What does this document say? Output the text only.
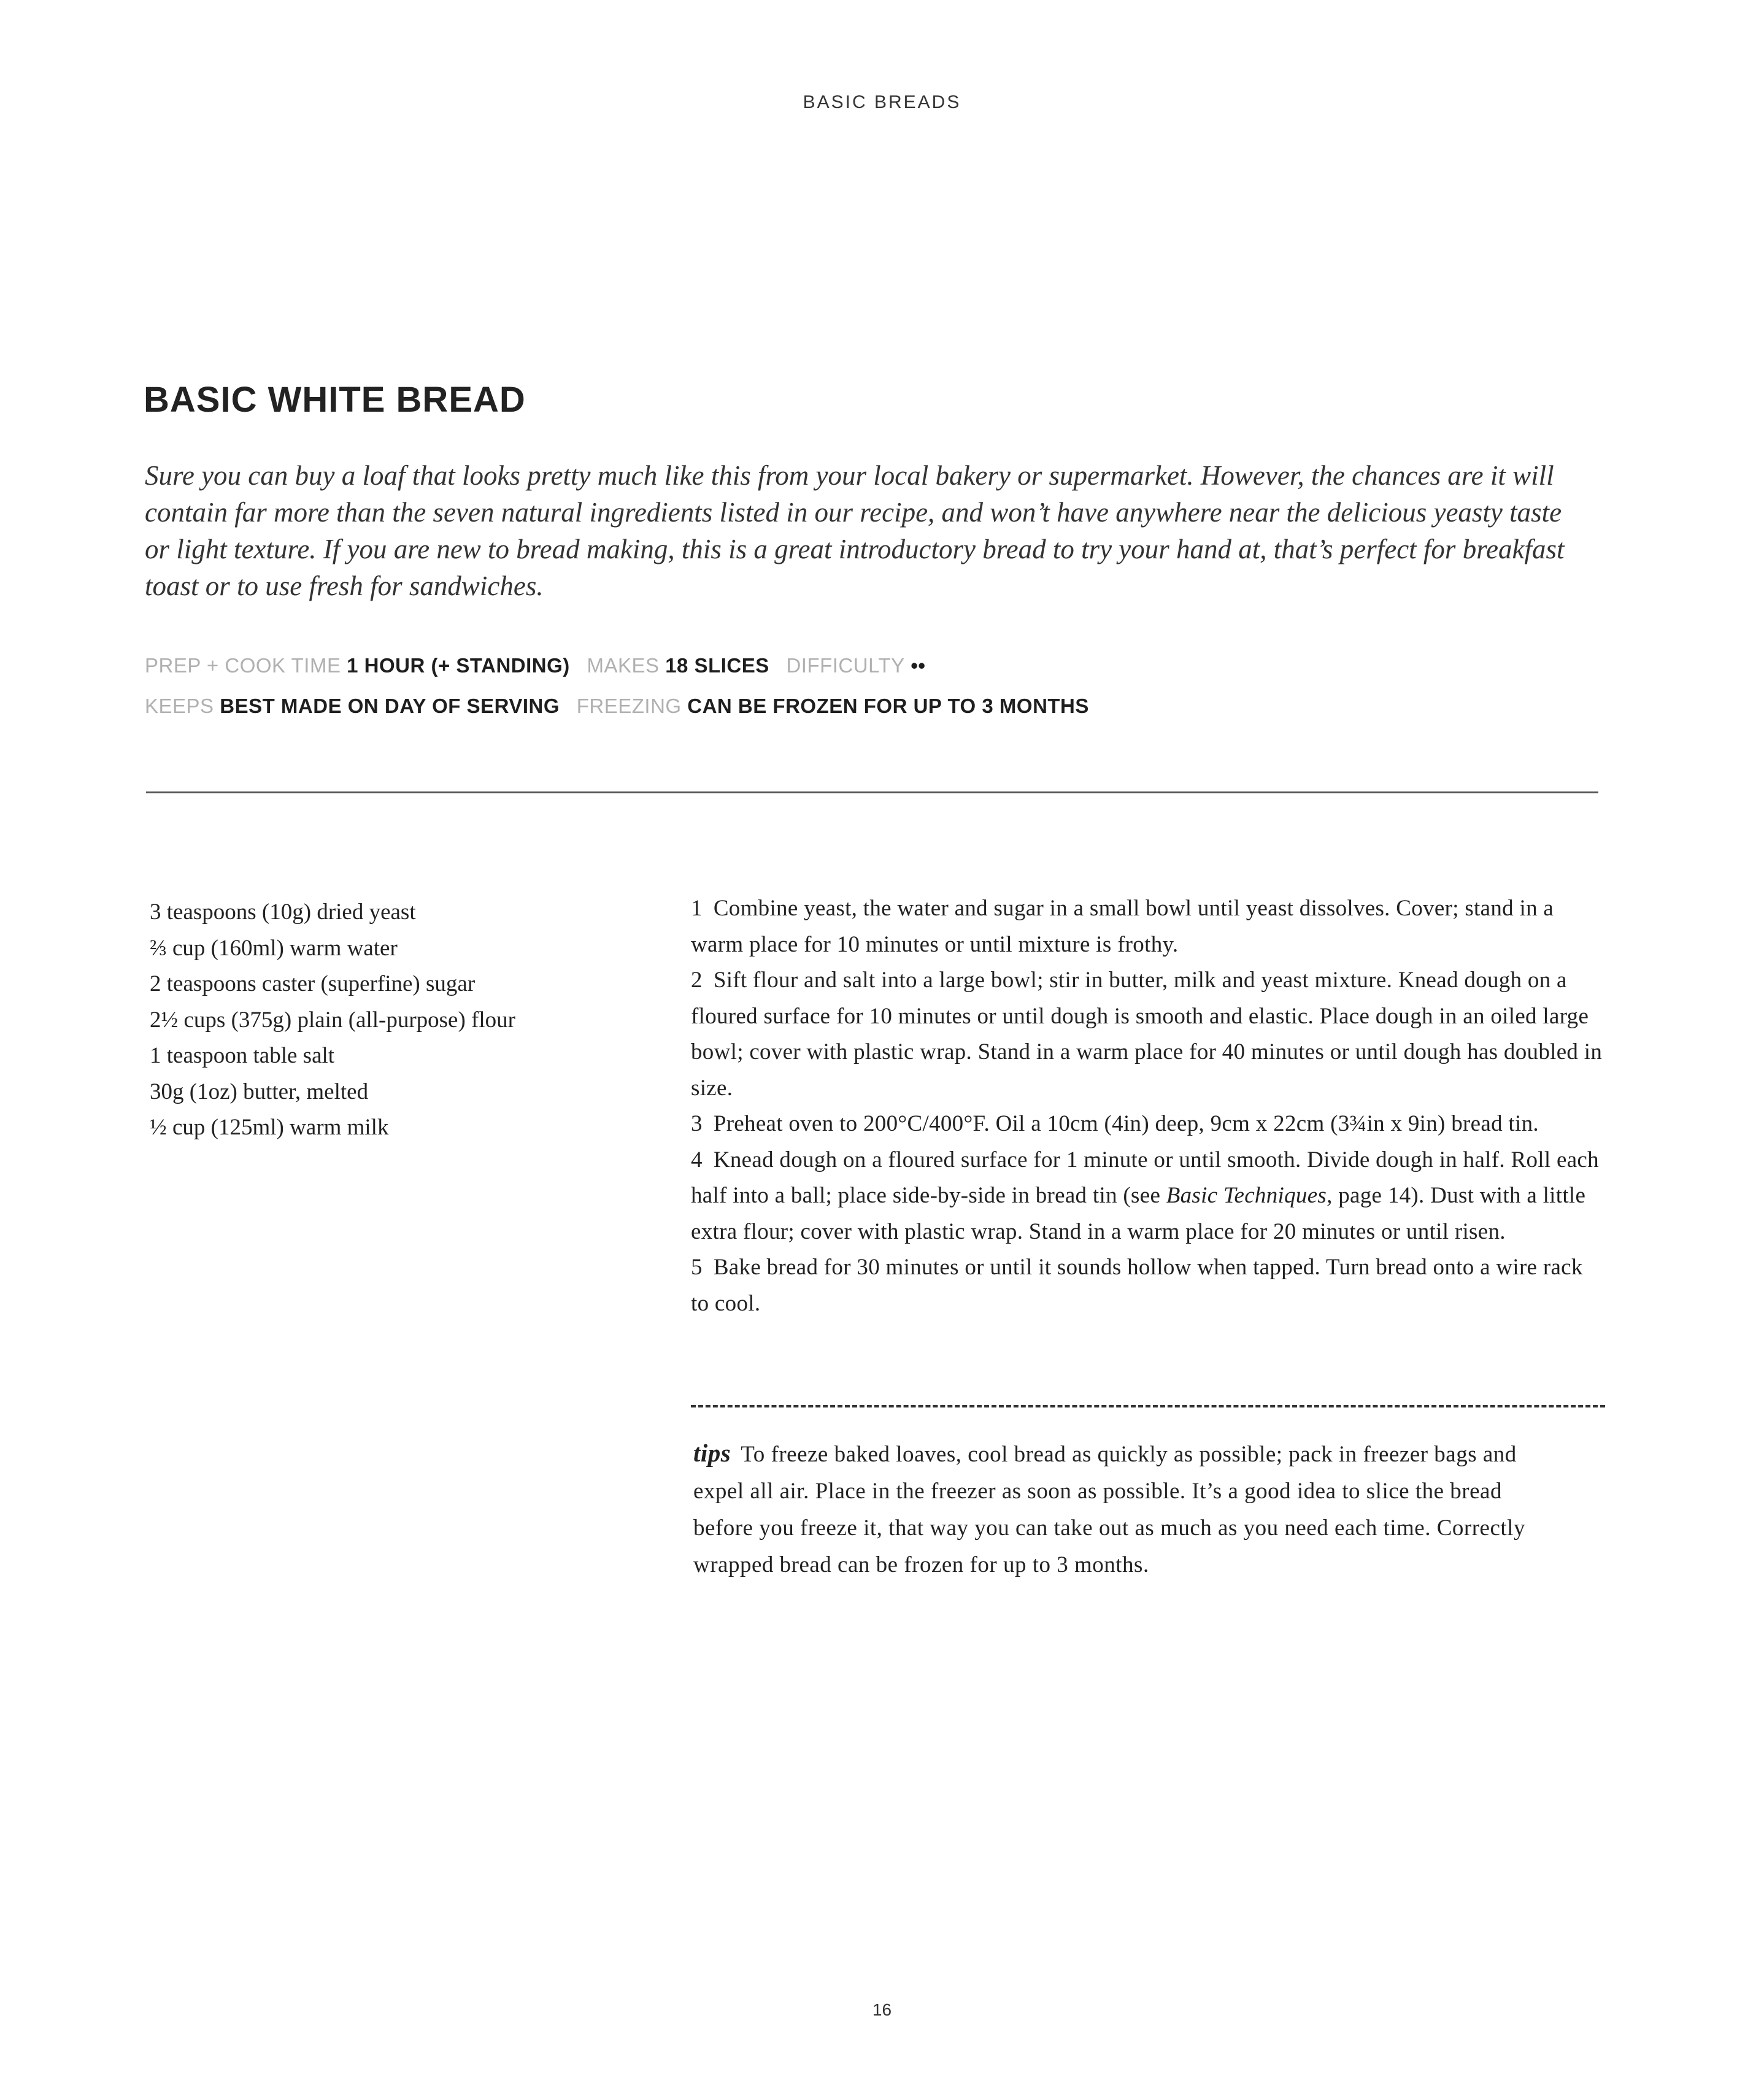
BASIC BREADS
BASIC WHITE BREAD

Sure you can buy a loaf that looks pretty much like this from your local bakery or supermarket. However, the chances are it will contain far more than the seven natural ingredients listed in our recipe, and won’t have anywhere near the delicious yeasty taste or light texture. If you are new to bread making, this is a great introductory bread to try your hand at, that’s perfect for breakfast toast or to use fresh for sandwiches.

PREP + COOK TIME 1 HOUR (+ STANDING) MAKES 18 SLICES DIFFICULTY ••
KEEPS BEST MADE ON DAY OF SERVING FREEZING CAN BE FROZEN FOR UP TO 3 MONTHS
3 teaspoons (10g) dried yeast
⅔ cup (160ml) warm water
2 teaspoons caster (superfine) sugar
2½ cups (375g) plain (all-purpose) flour
1 teaspoon table salt
30g (1oz) butter, melted
½ cup (125ml) warm milk

1 Combine yeast, the water and sugar in a small bowl until yeast dissolves. Cover; stand in a warm place for 10 minutes or until mixture is frothy.

2 Sift flour and salt into a large bowl; stir in butter, milk and yeast mixture. Knead dough on a floured surface for 10 minutes or until dough is smooth and elastic. Place dough in an oiled large bowl; cover with plastic wrap. Stand in a warm place for 40 minutes or until dough has doubled in size.

3 Preheat oven to 200°C/400°F. Oil a 10cm (4in) deep, 9cm x 22cm (3¾in x 9in) bread tin.

4 Knead dough on a floured surface for 1 minute or until smooth. Divide dough in half. Roll each half into a ball; place side-by-side in bread tin (see Basic Techniques, page 14). Dust with a little extra flour; cover with plastic wrap. Stand in a warm place for 20 minutes or until risen.

5 Bake bread for 30 minutes or until it sounds hollow when tapped. Turn bread onto a wire rack to cool.

tips To freeze baked loaves, cool bread as quickly as possible; pack in freezer bags and expel all air. Place in the freezer as soon as possible. It’s a good idea to slice the bread before you freeze it, that way you can take out as much as you need each time. Correctly wrapped bread can be frozen for up to 3 months.

16
